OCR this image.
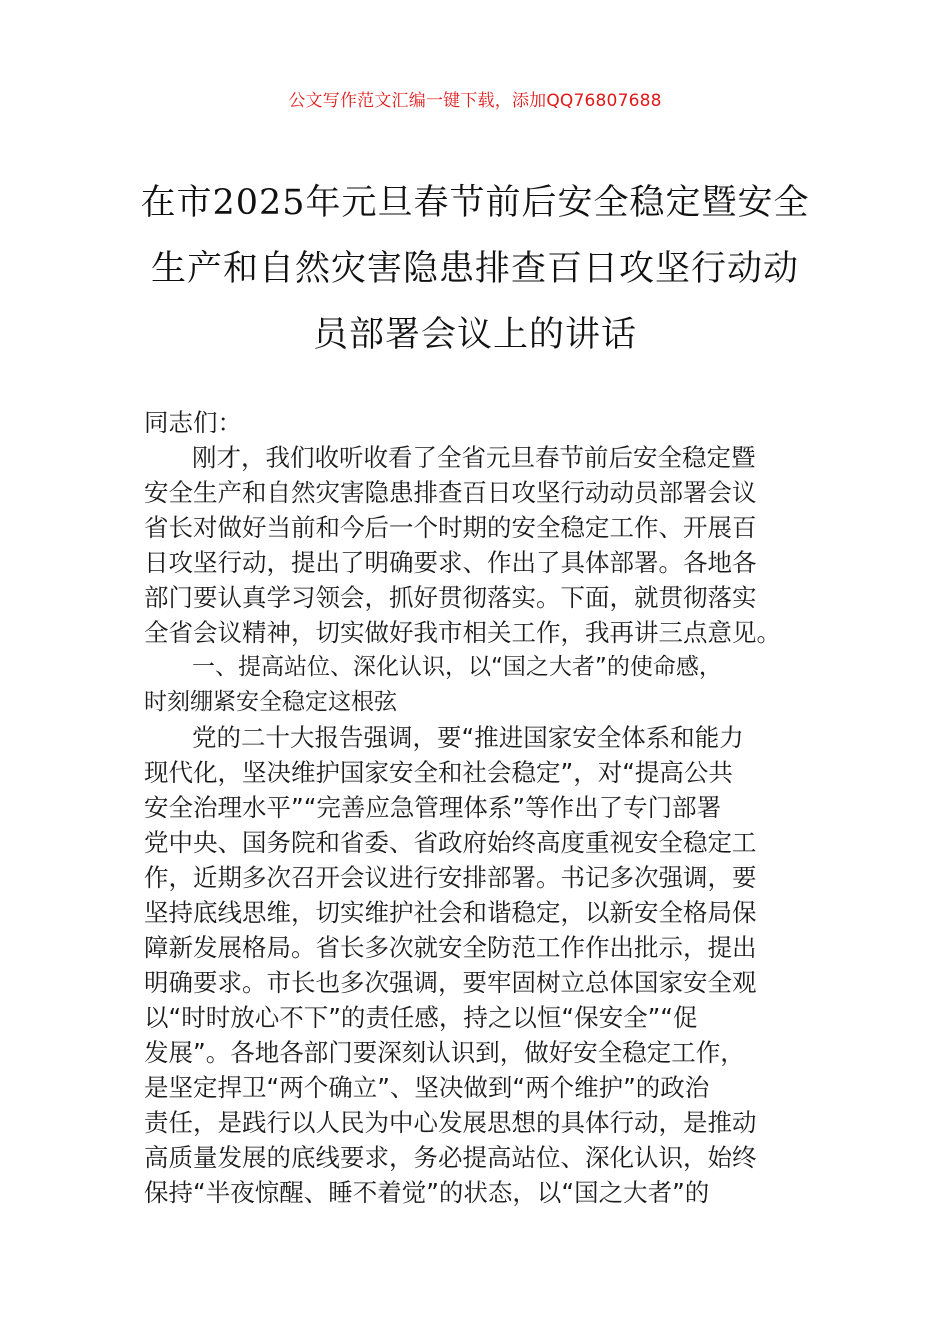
公文写作范文汇编一键下载，添加QQ76807688
在市2025年元旦春节前后安全稳定暨安全
生产和自然灾害隐患排查百日攻坚行动动
员部署会议上的讲话
同志们：
刚才，我们收听收看了全省元旦春节前后安全稳定暨
安全生产和自然灾害隐患排查百日攻坚行动动员部署会议
省长对做好当前和今后一个时期的安全稳定工作、开展百
日攻坚行动，提出了明确要求、作出了具体部署。各地各
部门要认真学习领会，抓好贯彻落实。下面，就贯彻落实
全省会议精神，切实做好我市相关工作，我再讲三点意见。
一、提高站位、深化认识，以“国之大者”的使命感，
时刻绷紧安全稳定这根弦
党的二十大报告强调，要“推进国家安全体系和能力
现代化，坚决维护国家安全和社会稳定”，对“提高公共
安全治理水平”“完善应急管理体系”等作出了专门部署
党中央、国务院和省委、省政府始终高度重视安全稳定工
作，近期多次召开会议进行安排部署。书记多次强调，要
坚持底线思维，切实维护社会和谐稳定，以新安全格局保
障新发展格局。省长多次就安全防范工作作出批示，提出
明确要求。市长也多次强调，要牢固树立总体国家安全观
以“时时放心不下”的责任感，持之以恒“保安全”“促
发展”。各地各部门要深刻认识到，做好安全稳定工作，
是坚定捍卫“两个确立”、坚决做到“两个维护”的政治
责任，是践行以人民为中心发展思想的具体行动，是推动
高质量发展的底线要求，务必提高站位、深化认识，始终
保持“半夜惊醒、睡不着觉”的状态，以“国之大者”的
